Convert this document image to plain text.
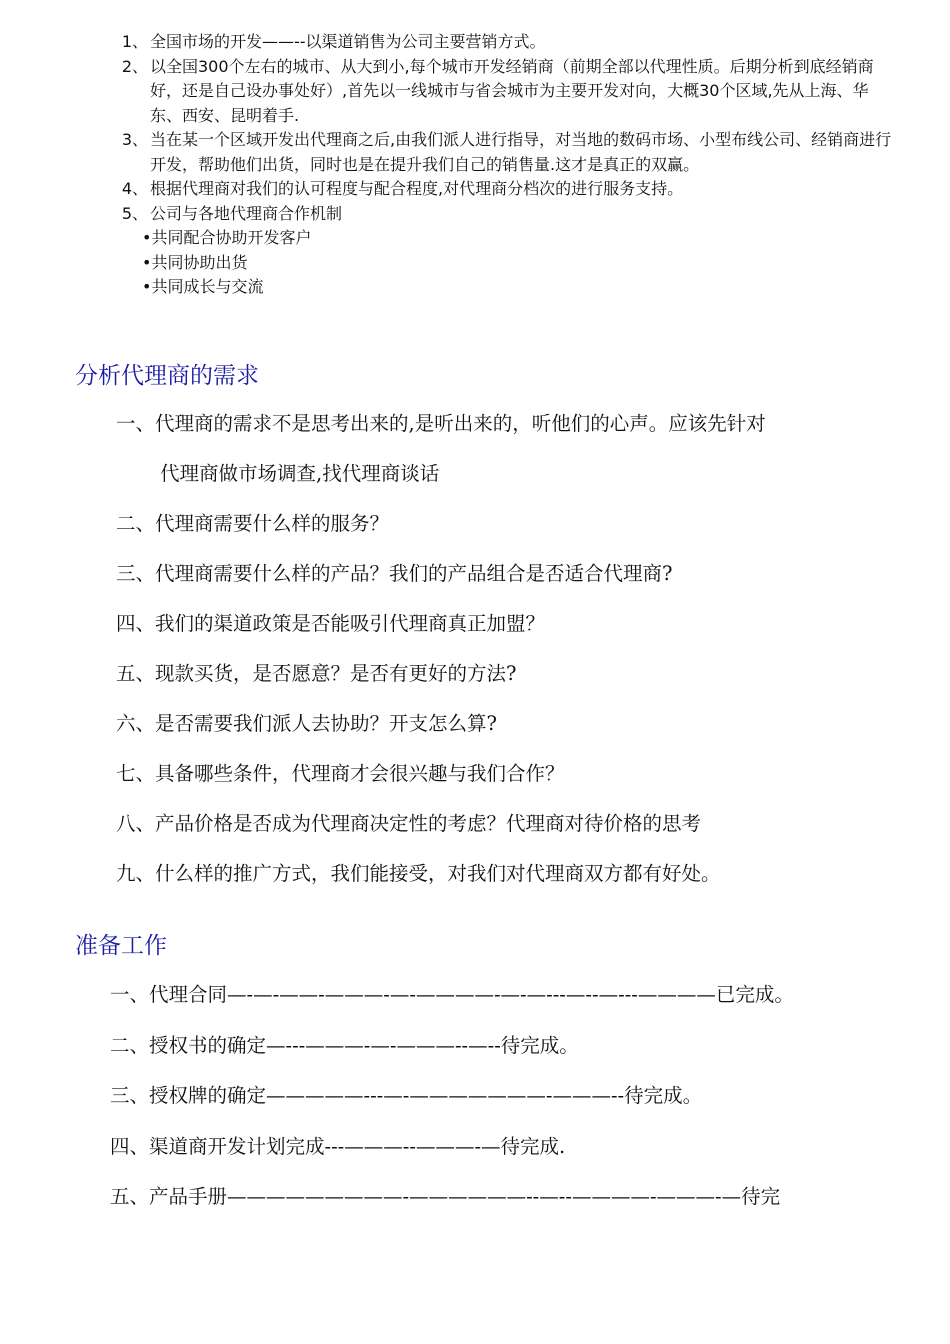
1、 全国市场的开发——--以渠道销售为公司主要营销方式。
2、 以全国300个左右的城市、从大到小,每个城市开发经销商（前期全部以代理性质。后期分析到底经销商好，还是自己设办事处好）,首先以一线城市与省会城市为主要开发对向，大概30个区域,先从上海、华东、西安、昆明着手.
3、 当在某一个区域开发出代理商之后,由我们派人进行指导，对当地的数码市场、小型布线公司、经销商进行开发，帮助他们出货，同时也是在提升我们自己的销售量.这才是真正的双赢。
4、 根据代理商对我们的认可程度与配合程度,对代理商分档次的进行服务支持。
5、 公司与各地代理商合作机制
•共同配合协助开发客户
•共同协助出货
•共同成长与交流
分析代理商的需求
一、代理商的需求不是思考出来的,是听出来的，听他们的心声。应该先针对
代理商做市场调查,找代理商谈话
二、代理商需要什么样的服务？
三、代理商需要什么样的产品？我们的产品组合是否适合代理商?
四、我们的渠道政策是否能吸引代理商真正加盟？
五、现款买货，是否愿意？是否有更好的方法?
六、是否需要我们派人去协助？开支怎么算?
七、具备哪些条件，代理商才会很兴趣与我们合作？
八、产品价格是否成为代理商决定性的考虑？代理商对待价格的思考
九、什么样的推广方式，我们能接受，对我们对代理商双方都有好处。
准备工作
一、代理合同—-—-——-———-—-————-—-—---—--—---————已完成。
二、授权书的确定—---———-—-———--—--待完成。
三、授权牌的确定—————---—-———————-———--待完成。
四、渠道商开发计划完成---———--———-—待完成.
五、产品手册—————————-——————--—--————-———-—待完
